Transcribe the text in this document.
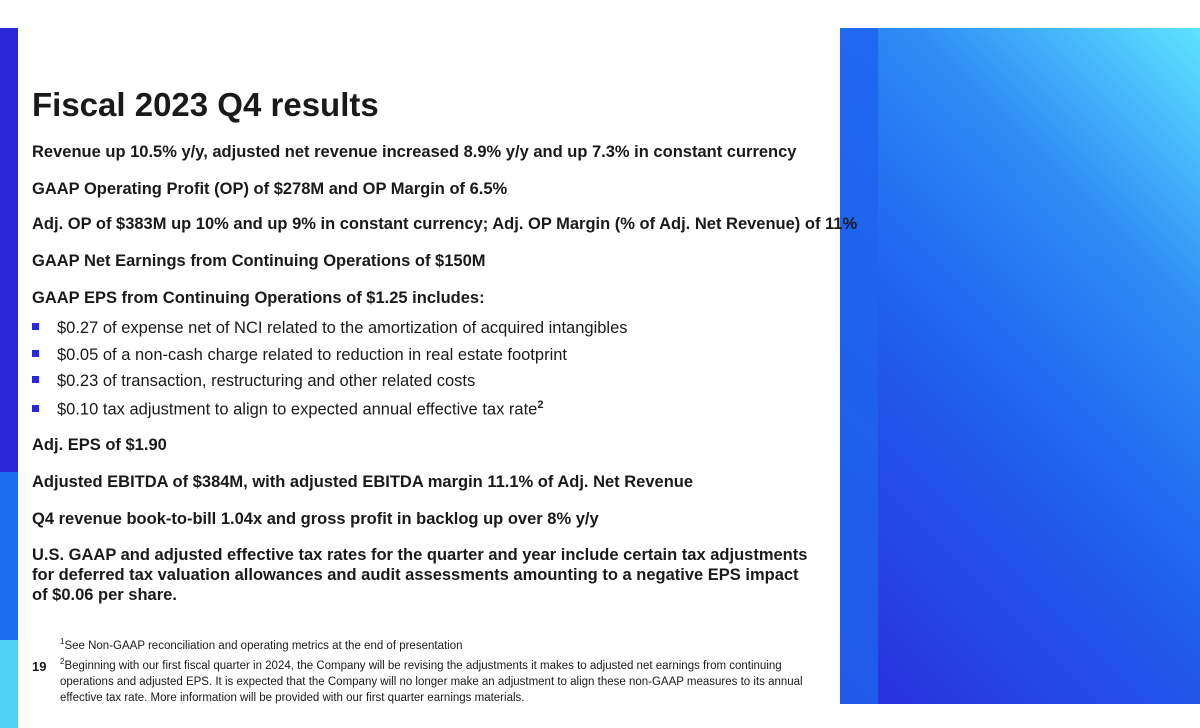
Fiscal 2023 Q4 results
Revenue up 10.5% y/y, adjusted net revenue increased 8.9% y/y and up 7.3% in constant currency
GAAP Operating Profit (OP) of $278M and OP Margin of 6.5%
Adj. OP of $383M up 10% and up 9% in constant currency; Adj. OP Margin (% of Adj. Net Revenue) of 11%
GAAP Net Earnings from Continuing Operations of $150M
GAAP EPS from Continuing Operations of $1.25 includes:
$0.27 of expense net of NCI related to the amortization of acquired intangibles
$0.05 of a non-cash charge related to reduction in real estate footprint
$0.23 of transaction, restructuring and other related costs
$0.10 tax adjustment to align to expected annual effective tax rate$^2$
Adj. EPS of $1.90
Adjusted EBITDA of $384M, with adjusted EBITDA margin 11.1% of Adj. Net Revenue
Q4 revenue book-to-bill 1.04x and gross profit in backlog up over 8% y/y
U.S. GAAP and adjusted effective tax rates for the quarter and year include certain tax adjustments for deferred tax valuation allowances and audit assessments amounting to a negative EPS impact of $0.06 per share.

$^1$See Non-GAAP reconciliation and operating metrics at the end of presentation

$^2$Beginning with our first fiscal quarter in 2024, the Company will be revising the adjustments it makes to adjusted net earnings from continuing operations and adjusted EPS. It is expected that the Company will no longer make an adjustment to align these non-GAAP measures to its annual effective tax rate. More information will be provided with our first quarter earnings materials.

19
